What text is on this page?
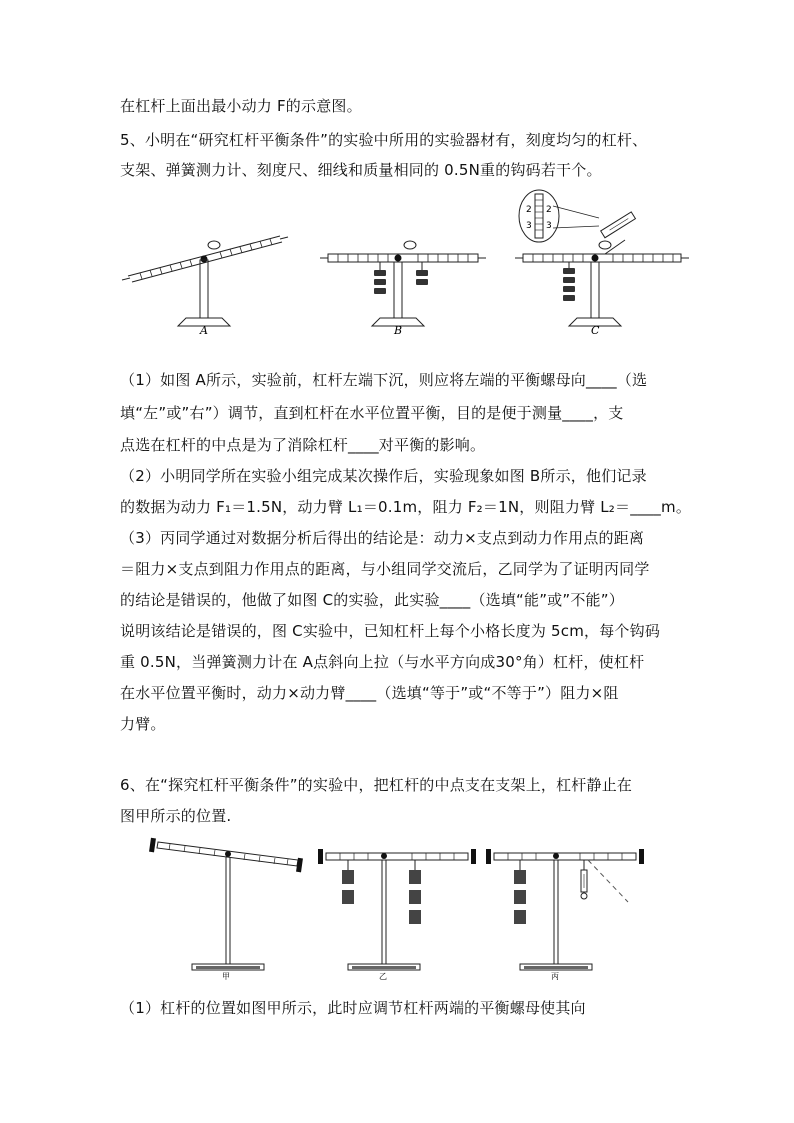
在杠杆上面出最小动力 F的示意图。
5、小明在“研究杠杆平衡条件”的实验中所用的实验器材有，刻度均匀的杠杆、
支架、弹簧测力计、刻度尺、细线和质量相同的 0.5N重的钩码若干个。
A	B
2
3
2
3
C
（1）如图 A所示，实验前，杠杆左端下沉，则应将左端的平衡螺母向____（选
填“左”或”右”）调节，直到杠杆在水平位置平衡，目的是便于测量____，支
点选在杠杆的中点是为了消除杠杆____对平衡的影响。
（2）小明同学所在实验小组完成某次操作后，实验现象如图 B所示，他们记录
的数据为动力 F₁＝1.5N，动力臂 L₁＝0.1m，阻力 F₂＝1N，则阻力臂 L₂＝____m。
（3）丙同学通过对数据分析后得出的结论是：动力×支点到动力作用点的距离
＝阻力×支点到阻力作用点的距离，与小组同学交流后，乙同学为了证明丙同学
的结论是错误的，他做了如图 C的实验，此实验____（选填“能”或”不能”）
说明该结论是错误的，图 C实验中，已知杠杆上每个小格长度为 5cm，每个钩码
重 0.5N，当弹簧测力计在 A点斜向上拉（与水平方向成30°角）杠杆，使杠杆
在水平位置平衡时，动力×动力臂____（选填“等于”或“不等于”）阻力×阻
力臂。
6、在“探究杠杆平衡条件”的实验中，把杠杆的中点支在支架上，杠杆静止在
图甲所示的位置.
甲	乙	丙
（1）杠杆的位置如图甲所示，此时应调节杠杆两端的平衡螺母使其向
